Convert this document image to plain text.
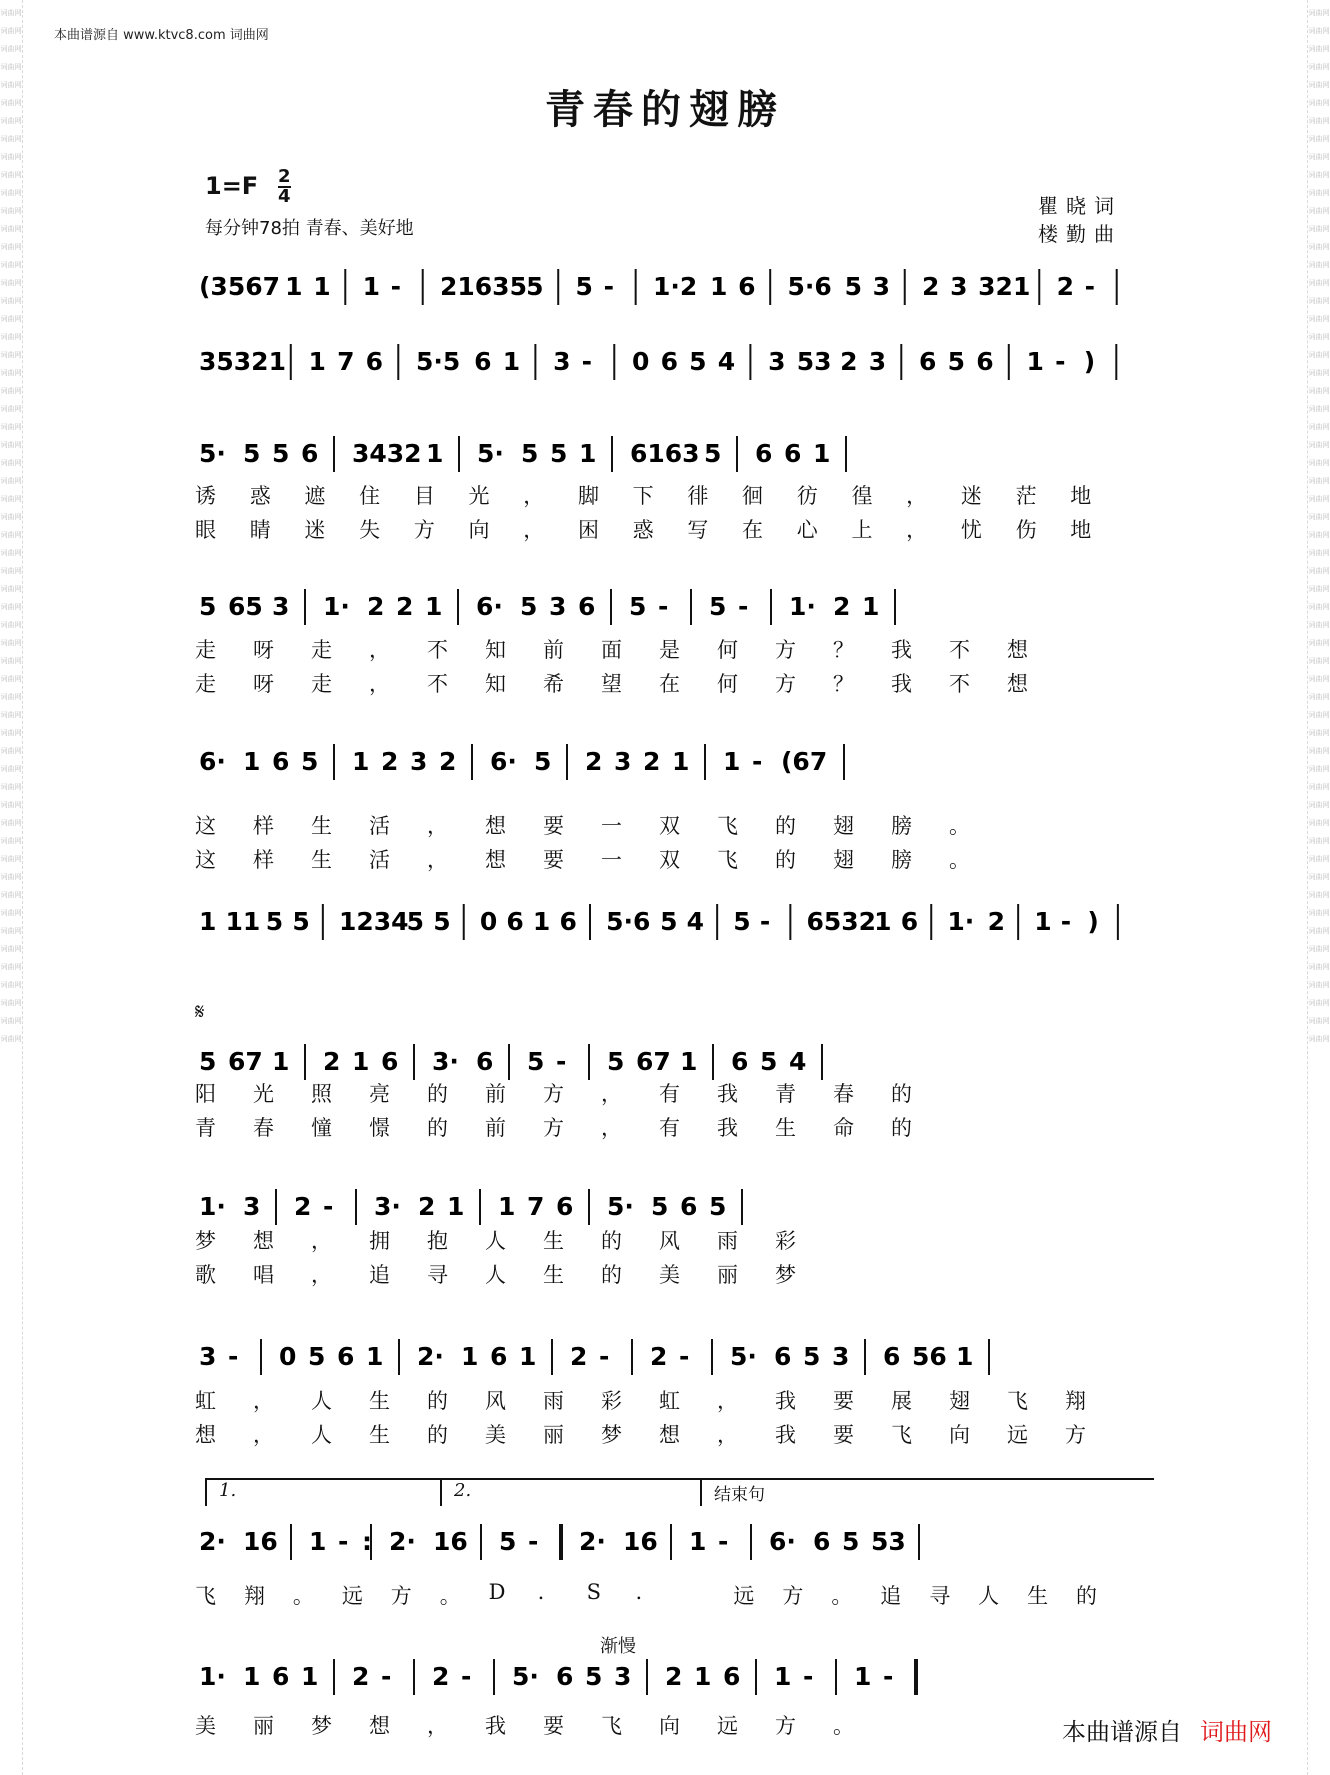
词曲网
词曲网
词曲网
词曲网
词曲网
词曲网
词曲网
词曲网
词曲网
词曲网
词曲网
词曲网
词曲网
词曲网
词曲网
词曲网
词曲网
词曲网
词曲网
词曲网
词曲网
词曲网
词曲网
词曲网
词曲网
词曲网
词曲网
词曲网
词曲网
词曲网
词曲网
词曲网
词曲网
词曲网
词曲网
词曲网
词曲网
词曲网
词曲网
词曲网
词曲网
词曲网
词曲网
词曲网
词曲网
词曲网
词曲网
词曲网
词曲网
词曲网
词曲网
词曲网
词曲网
词曲网
词曲网
词曲网
词曲网
词曲网
词曲网
词曲网
词曲网
词曲网
词曲网
词曲网
词曲网
词曲网
词曲网
词曲网
词曲网
词曲网
词曲网
词曲网
词曲网
词曲网
词曲网
词曲网
词曲网
词曲网
词曲网
词曲网
词曲网
词曲网
词曲网
词曲网
词曲网
词曲网
词曲网
词曲网
词曲网
词曲网
词曲网
词曲网
词曲网
词曲网
词曲网
词曲网
词曲网
词曲网
词曲网
词曲网
词曲网
词曲网
词曲网
词曲网
词曲网
词曲网
词曲网
词曲网
词曲网
词曲网
词曲网
词曲网
词曲网
词曲网
词曲网
词曲网
本曲谱源自 www.ktvc8.com 词曲网
青春的翅膀
1=F 2
4
每分钟78拍 青春、美好地
瞿晓词
楼勤曲
(3567 1 1 1 - 21635 5 5 - 1·2 1 6 5·6 5 3 2 3 321 2 -
35321 1 7 6 5·5 6 1 3 - 0 6 5 4 3 53 2 3 6 5 6 1 - )
5· 5 5 6 3432 1 5· 5 5 1 6163 5 6 6 1
诱 惑 遮 住 目 光 ， 脚 下 徘 徊 彷 徨 ， 迷 茫 地
眼 睛 迷 失 方 向 ， 困 惑 写 在 心 上 ， 忧 伤 地
5 65 3 1· 2 2 1 6· 5 3 6 5 - 5 - 1· 2 1
走 呀 走 ， 不 知 前 面 是 何 方 ？ 我 不 想
走 呀 走 ， 不 知 希 望 在 何 方 ？ 我 不 想
6· 1 6 5 1 2 3 2 6· 5 2 3 2 1 1 - (67
这 样 生 活 ， 想 要 一 双 飞 的 翅 膀 。
这 样 生 活 ， 想 要 一 双 飞 的 翅 膀 。
1 11 5 5 1234
5 5 0 6 1 6 5·6 5 4 5 - 6532
1 6 1· 2 1 - )
5 67 1 2 1 6 3· 6 5 - 5 67 1 6 5 4
阳 光 照 亮 的 前 方 ， 有 我 青 春 的
青 春 憧 憬 的 前 方 ， 有 我 生 命 的
1· 3 2 - 3· 2 1 1 7 6 5· 5 6 5
梦 想 ， 拥 抱 人 生 的 风 雨 彩
歌 唱 ， 追 寻 人 生 的 美 丽 梦
3 - 0 5 6 1 2· 1 6 1 2 - 2 - 5· 6 5 3 6 56 1
虹 ， 人 生 的 风 雨 彩 虹 ， 我 要 展 翅 飞 翔
想 ， 人 生 的 美 丽 梦 想 ， 我 要 飞 向 远 方
2· 16 1 - : 2· 16 5 - 2· 16 1 - 6· 6 5 53
飞 翔 。 远 方 。 D . S .	远 方 。 追 寻 人 生 的
1· 1 6 1 2 - 2 - 5· 6 5 3 2 1 6 1 - 1 -
美 丽 梦 想 ， 我 要 飞 向 远 方 。
𝄋
1.	2.	结束句
渐慢
本曲谱源自 词曲网
